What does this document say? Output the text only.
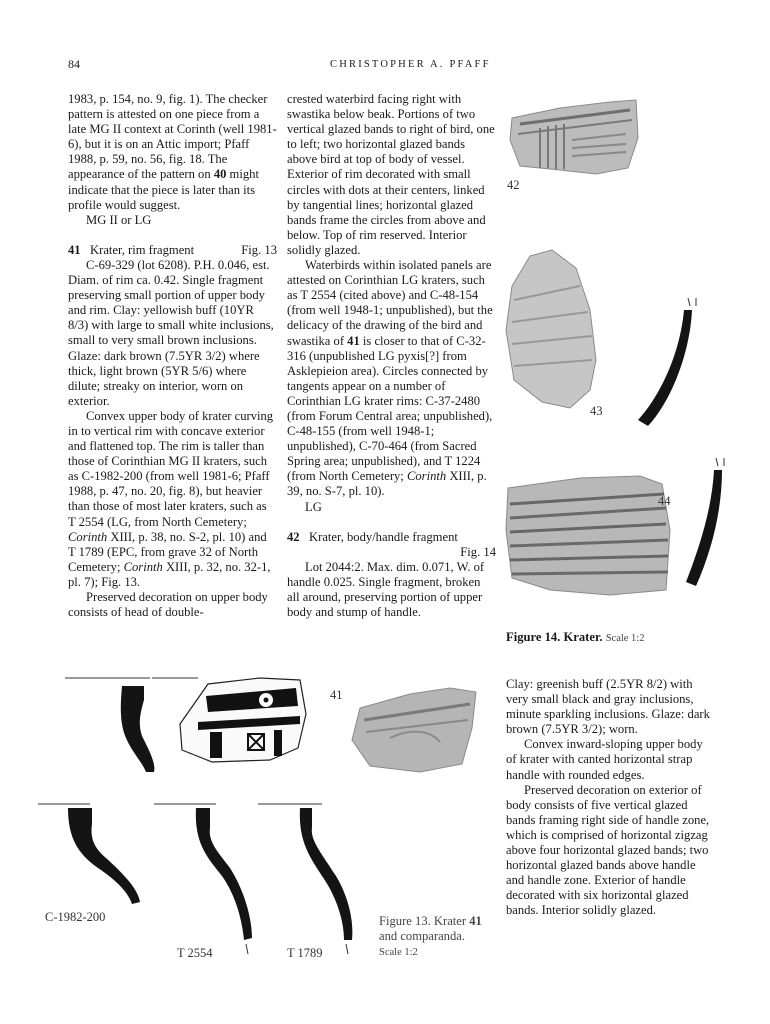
84	CHRISTOPHER A. PFAFF

1983, p. 154, no. 9, fig. 1). The checker pattern is attested on one piece from a late MG II context at Corinth (well 1981-6), but it is on an Attic import; Pfaff 1988, p. 59, no. 56, fig. 18. The appearance of the pattern on 40 might indicate that the piece is later than its profile would suggest.

MG II or LG

41 Krater, rim fragment	Fig. 13

C-69-329 (lot 6208). P.H. 0.046, est. Diam. of rim ca. 0.42. Single fragment preserving small portion of upper body and rim. Clay: yellowish buff (10YR 8/3) with large to small white inclusions, small to very small brown inclusions. Glaze: dark brown (7.5YR 3/2) where thick, light brown (5YR 5/6) where dilute; streaky on interior, worn on exterior.

Convex upper body of krater curving in to vertical rim with concave exterior and flattened top. The rim is taller than those of Corinthian MG II kraters, such as C-1982-200 (from well 1981-6; Pfaff 1988, p. 47, no. 20, fig. 8), but heavier than those of most later kraters, such as T 2554 (LG, from North Cemetery; Corinth XIII, p. 38, no. S-2, pl. 10) and T 1789 (EPC, from grave 32 of North Cemetery; Corinth XIII, p. 32, no. 32-1, pl. 7); Fig. 13.

Preserved decoration on upper body consists of head of double-

crested waterbird facing right with swastika below beak. Portions of two vertical glazed bands to right of bird, one to left; two horizontal glazed bands above bird at top of body of vessel. Exterior of rim decorated with small circles with dots at their centers, linked by tangential lines; horizontal glazed bands frame the circles from above and below. Top of rim reserved. Interior solidly glazed.

Waterbirds within isolated panels are attested on Corinthian LG kraters, such as T 2554 (cited above) and C-48-154 (from well 1948-1; unpublished), but the delicacy of the drawing of the bird and swastika of 41 is closer to that of C-32-316 (unpublished LG pyxis[?] from Asklepieion area). Circles connected by tangents appear on a number of Corinthian LG krater rims: C-37-2480 (from Forum Central area; unpublished), C-48-155 (from well 1948-1; unpublished), C-70-464 (from Sacred Spring area; unpublished), and T 1224 (from North Cemetery; Corinth XIII, p. 39, no. S-7, pl. 10).

LG

42 Krater, body/handle fragment
Fig. 14

Lot 2044:2. Max. dim. 0.071, W. of handle 0.025. Single fragment, broken all around, preserving portion of upper body and stump of handle.

Clay: greenish buff (2.5YR 8/2) with very small black and gray inclusions, minute sparkling inclusions. Glaze: dark brown (7.5YR 3/2); worn.

Convex inward-sloping upper body of krater with canted horizontal strap handle with rounded edges.

Preserved decoration on exterior of body consists of five vertical glazed bands framing right side of handle zone, which is comprised of horizontal zigzag above four horizontal glazed bands; two horizontal glazed bands above handle and handle zone. Exterior of handle decorated with six horizontal glazed bands. Interior solidly glazed.

42
43
44
Figure 14. Krater. Scale 1:2
41
C-1982-200
T 2554	T 1789
Figure 13. Krater 41
and comparanda.
Scale 1:2
